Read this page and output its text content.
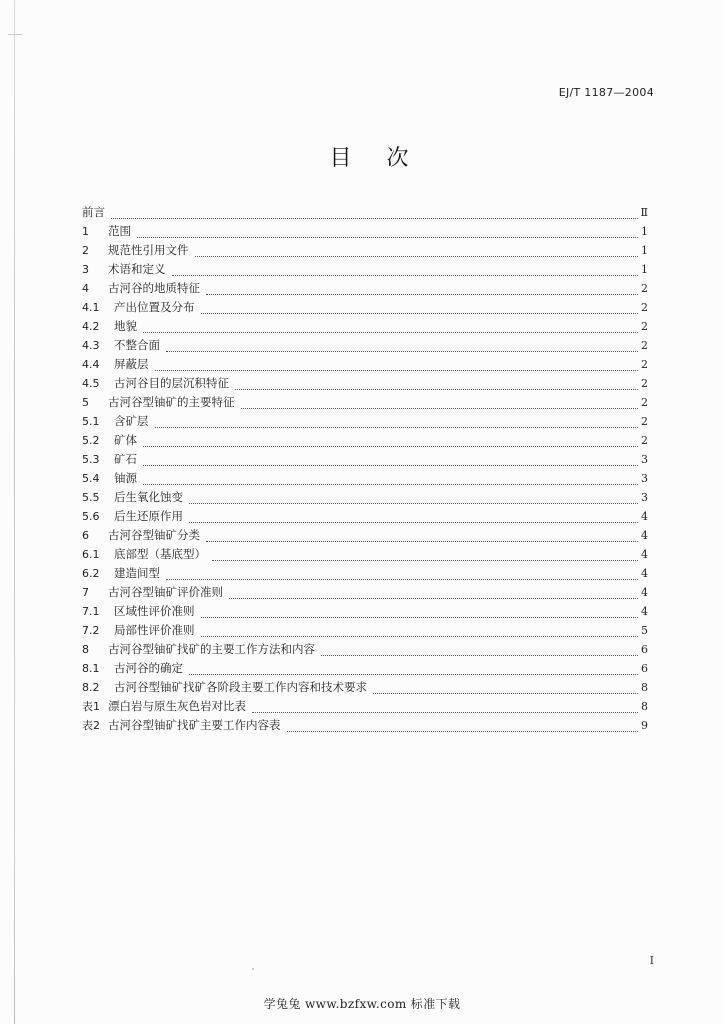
EJ/T 1187—2004
目 次
前言	Ⅱ
1	范围	1
2	规范性引用文件	1
3	术语和定义	1
4	古河谷的地质特征	2
4.1	产出位置及分布	2
4.2	地貌	2
4.3	不整合面	2
4.4	屏蔽层	2
4.5	古河谷目的层沉积特征	2
5	古河谷型铀矿的主要特征	2
5.1	含矿层	2
5.2	矿体	2
5.3	矿石	3
5.4	铀源	3
5.5	后生氧化蚀变	3
5.6	后生还原作用	4
6	古河谷型铀矿分类	4
6.1	底部型（基底型）	4
6.2	建造间型	4
7	古河谷型铀矿评价准则	4
7.1	区域性评价准则	4
7.2	局部性评价准则	5
8	古河谷型铀矿找矿的主要工作方法和内容	6
8.1	古河谷的确定	6
8.2	古河谷型铀矿找矿各阶段主要工作内容和技术要求	8
表1 漂白岩与原生灰色岩对比表	8
表2 古河谷型铀矿找矿主要工作内容表	9
I
学兔兔 www.bzfxw.com 标准下载
